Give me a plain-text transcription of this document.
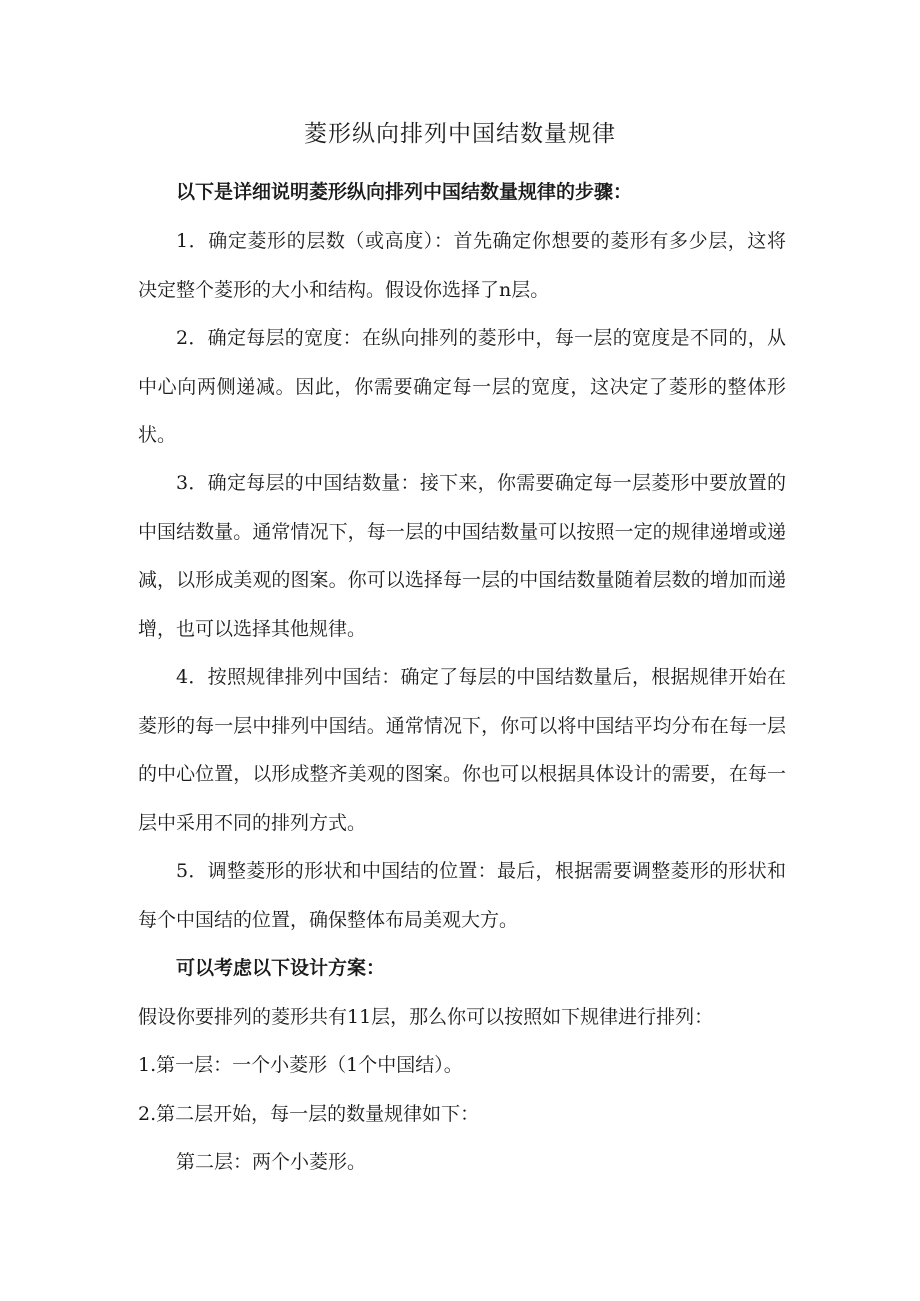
菱形纵向排列中国结数量规律

以下是详细说明菱形纵向排列中国结数量规律的步骤：

1．确定菱形的层数（或高度）：首先确定你想要的菱形有多少层，这将决定整个菱形的大小和结构。假设你选择了n层。

2．确定每层的宽度：在纵向排列的菱形中，每一层的宽度是不同的，从中心向两侧递减。因此，你需要确定每一层的宽度，这决定了菱形的整体形状。

3．确定每层的中国结数量：接下来，你需要确定每一层菱形中要放置的中国结数量。通常情况下，每一层的中国结数量可以按照一定的规律递增或递减，以形成美观的图案。你可以选择每一层的中国结数量随着层数的增加而递增，也可以选择其他规律。

4．按照规律排列中国结：确定了每层的中国结数量后，根据规律开始在菱形的每一层中排列中国结。通常情况下，你可以将中国结平均分布在每一层的中心位置，以形成整齐美观的图案。你也可以根据具体设计的需要，在每一层中采用不同的排列方式。

5．调整菱形的形状和中国结的位置：最后，根据需要调整菱形的形状和每个中国结的位置，确保整体布局美观大方。

可以考虑以下设计方案：

假设你要排列的菱形共有11层，那么你可以按照如下规律进行排列：

1.第一层：一个小菱形（1个中国结）。

2.第二层开始，每一层的数量规律如下：

第二层：两个小菱形。
